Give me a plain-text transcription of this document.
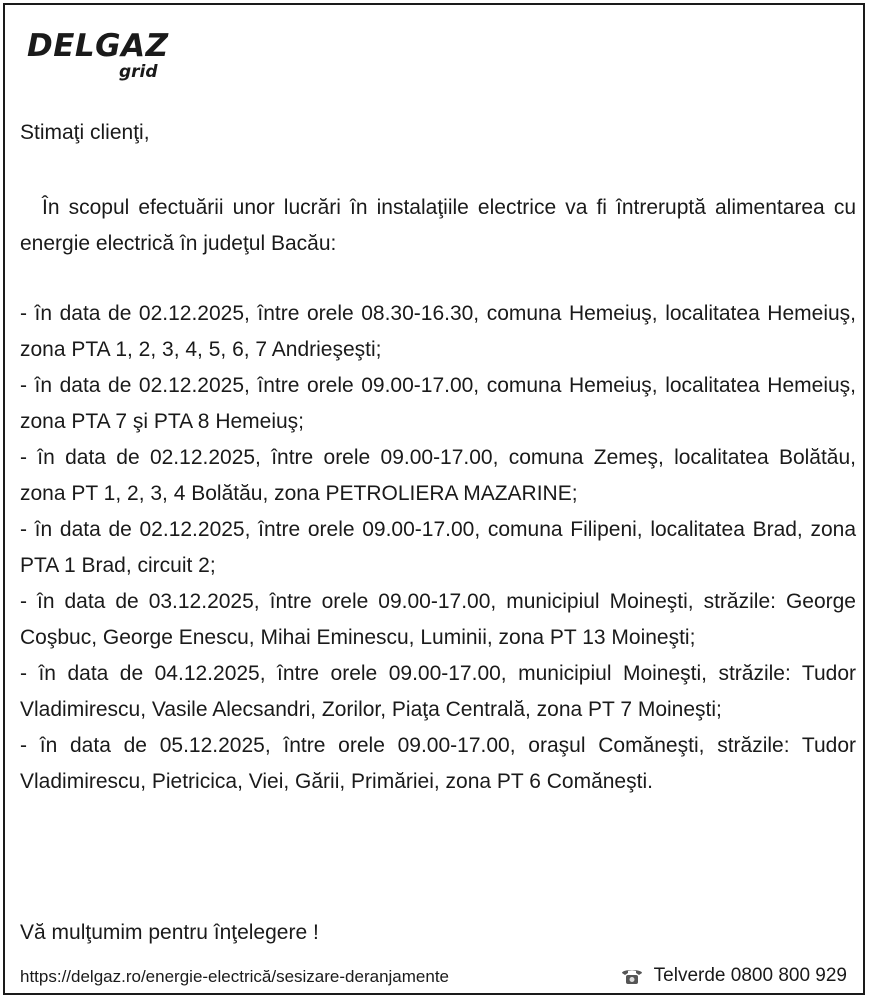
DELGAZ
grid
Stimaţi clienţi,
În scopul efectuării unor lucrări în instalaţiile electrice va fi întreruptă alimentarea cu energie electrică în judeţul Bacău:
- în data de 02.12.2025, între orele 08.30-16.30, comuna Hemeiuş, localitatea Hemeiuş, zona PTA 1, 2, 3, 4, 5, 6, 7 Andrieşeşti;
- în data de 02.12.2025, între orele 09.00-17.00, comuna Hemeiuş, localitatea Hemeiuş, zona PTA 7 şi PTA 8 Hemeiuş;
- în data de 02.12.2025, între orele 09.00-17.00, comuna Zemeş, localitatea Bolătău, zona PT 1, 2, 3, 4 Bolătău, zona PETROLIERA MAZARINE;
- în data de 02.12.2025, între orele 09.00-17.00, comuna Filipeni, localitatea Brad, zona PTA 1 Brad, circuit 2;
- în data de 03.12.2025, între orele 09.00-17.00, municipiul Moineşti, străzile: George Coşbuc, George Enescu, Mihai Eminescu, Luminii, zona PT 13 Moineşti;
- în data de 04.12.2025, între orele 09.00-17.00, municipiul Moineşti, străzile: Tudor Vladimirescu, Vasile Alecsandri, Zorilor, Piaţa Centrală, zona PT 7 Moineşti;
- în data de 05.12.2025, între orele 09.00-17.00, oraşul Comăneşti, străzile: Tudor Vladimirescu, Pietricica, Viei, Gării, Primăriei, zona PT 6 Comăneşti.
Vă mulţumim pentru înţelegere !
https://delgaz.ro/energie-electrică/sesizare-deranjamente	Telverde 0800 800 929
